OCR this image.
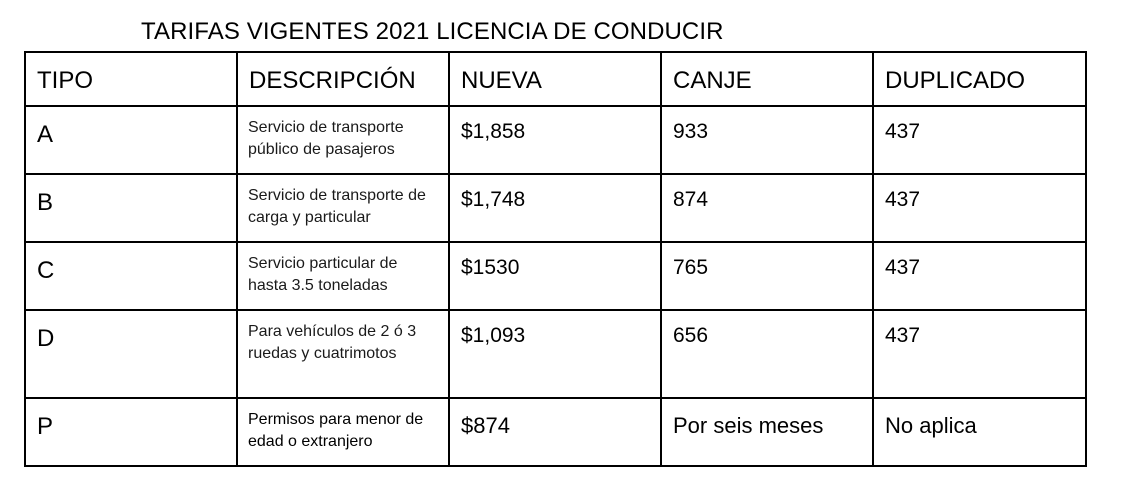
TARIFAS VIGENTES 2021 LICENCIA DE CONDUCIR
TIPO	DESCRIPCIÓN	NUEVA	CANJE	DUPLICADO

A	Servicio de transporte público de pasajeros	$1,858	933	437

B	Servicio de transporte de carga y particular	$1,748	874	437

C	Servicio particular de hasta 3.5 toneladas	$1530	765	437

D	Para vehículos de 2 ó 3 ruedas y cuatrimotos	$1,093	656	437

P	Permisos para menor de edad o extranjero	$874	Por seis meses	No aplica
